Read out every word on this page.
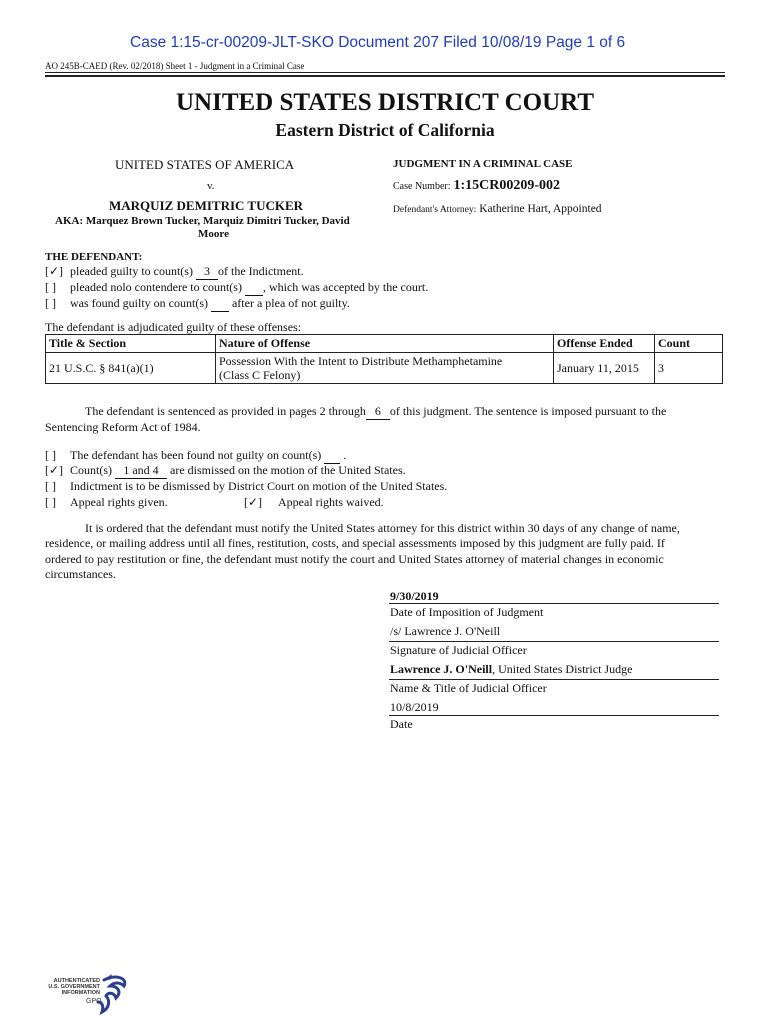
Case 1:15-cr-00209-JLT-SKO Document 207 Filed 10/08/19 Page 1 of 6
AO 245B-CAED (Rev. 02/2018) Sheet 1 - Judgment in a Criminal Case
UNITED STATES DISTRICT COURT
Eastern District of California
UNITED STATES OF AMERICA
v.
MARQUIZ DEMITRIC TUCKER
AKA: Marquez Brown Tucker, Marquiz Dimitri Tucker, David
Moore
JUDGMENT IN A CRIMINAL CASE
Case Number: 1:15CR00209-002
Defendant's Attorney: Katherine Hart, Appointed
THE DEFENDANT:
[✓] pleaded guilty to count(s) 3 of the Indictment.
[ ] pleaded nolo contendere to count(s) , which was accepted by the court.
[ ] was found guilty on count(s) after a plea of not guilty.
The defendant is adjudicated guilty of these offenses:
Title & Section	Nature of Offense	Offense Ended	Count
21 U.S.C. § 841(a)(1)	Possession With the Intent to Distribute Methamphetamine
(Class C Felony)	January 11, 2015	3
The defendant is sentenced as provided in pages 2 through 6 of this judgment. The sentence is imposed pursuant to the
Sentencing Reform Act of 1984.
[ ] The defendant has been found not guilty on count(s) .
[✓] Count(s) 1 and 4 are dismissed on the motion of the United States.
[ ] Indictment is to be dismissed by District Court on motion of the United States.
[ ] Appeal rights given.	[✓] Appeal rights waived.
It is ordered that the defendant must notify the United States attorney for this district within 30 days of any change of name,
residence, or mailing address until all fines, restitution, costs, and special assessments imposed by this judgment are fully paid. If
ordered to pay restitution or fine, the defendant must notify the court and United States attorney of material changes in economic
circumstances.
9/30/2019
Date of Imposition of Judgment
/s/ Lawrence J. O'Neill
Signature of Judicial Officer
Lawrence J. O'Neill, United States District Judge
Name & Title of Judicial Officer
10/8/2019
Date
AUTHENTICATED
U.S. GOVERNMENT
INFORMATION
GPO
